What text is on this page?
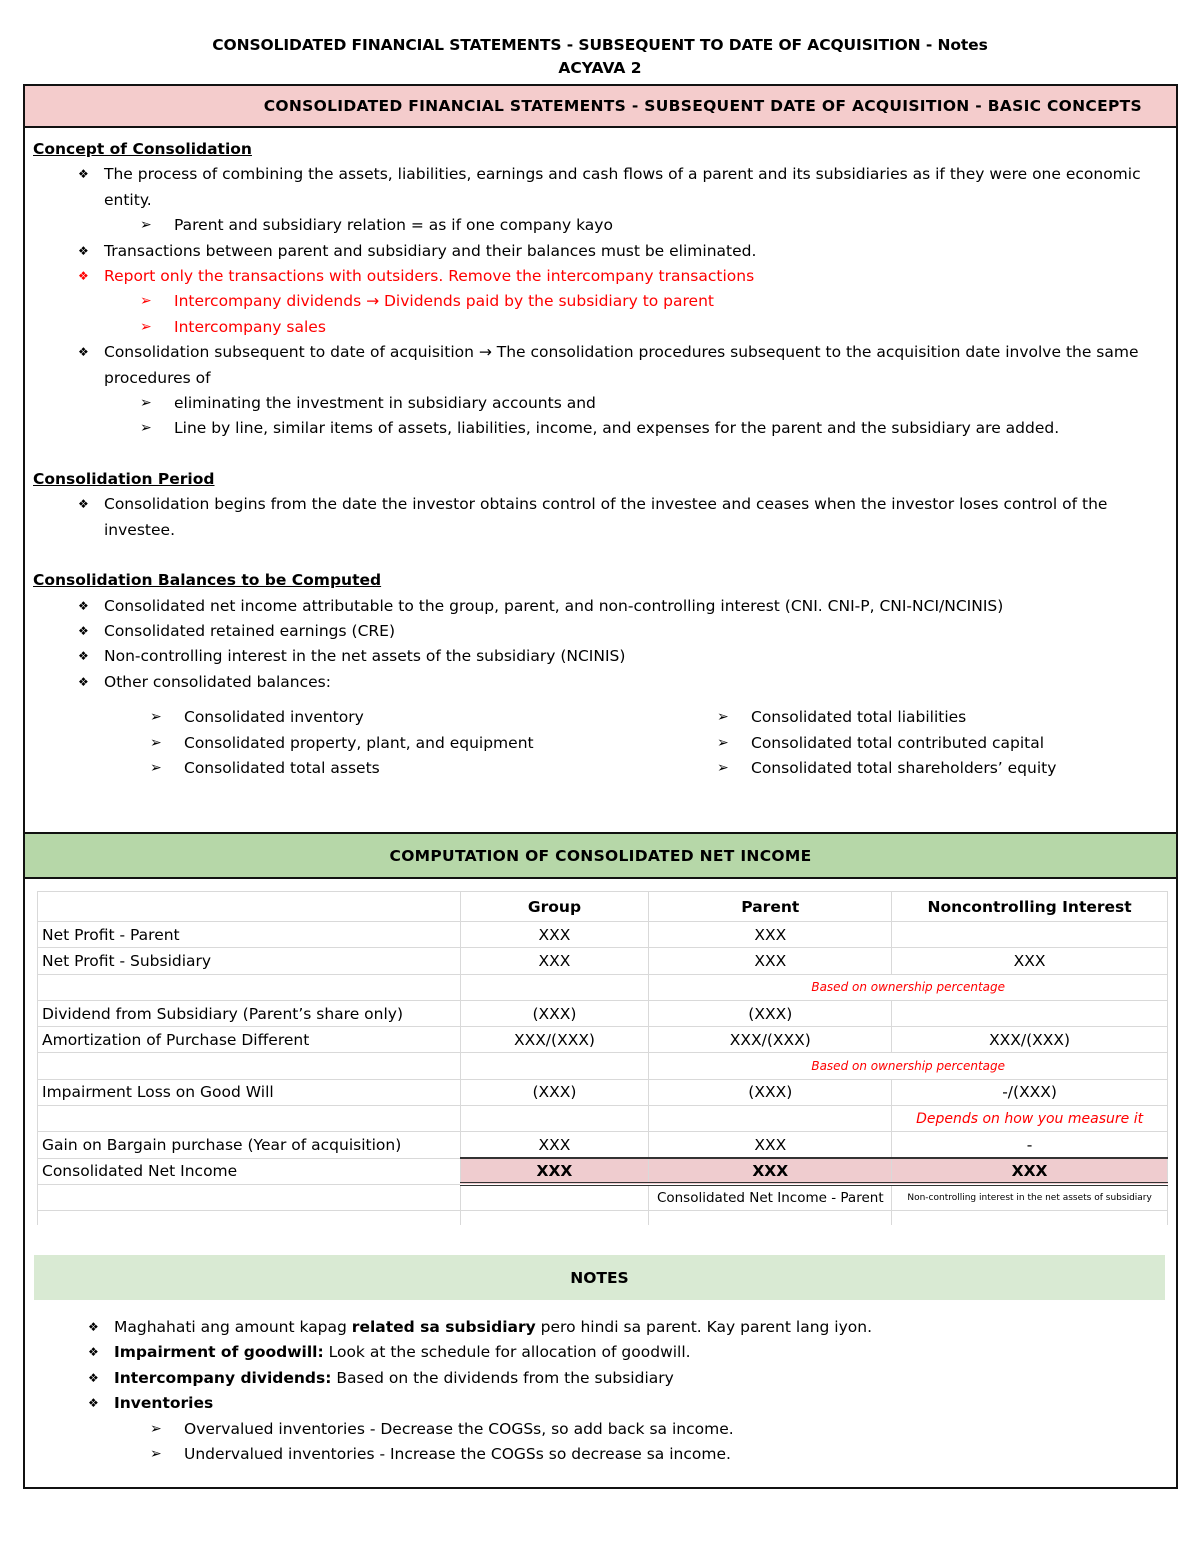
CONSOLIDATED FINANCIAL STATEMENTS - SUBSEQUENT TO DATE OF ACQUISITION - Notes
ACYAVA 2
CONSOLIDATED FINANCIAL STATEMENTS - SUBSEQUENT DATE OF ACQUISITION - BASIC CONCEPTS
Concept of Consolidation
❖ The process of combining the assets, liabilities, earnings and cash flows of a parent and its subsidiaries as if they were one economic entity.
➢ Parent and subsidiary relation = as if one company kayo
❖ Transactions between parent and subsidiary and their balances must be eliminated.
❖ Report only the transactions with outsiders. Remove the intercompany transactions
➢ Intercompany dividends → Dividends paid by the subsidiary to parent
➢ Intercompany sales
❖ Consolidation subsequent to date of acquisition → The consolidation procedures subsequent to the acquisition date involve the same procedures of
➢ eliminating the investment in subsidiary accounts and
➢ Line by line, similar items of assets, liabilities, income, and expenses for the parent and the subsidiary are added.
Consolidation Period
❖ Consolidation begins from the date the investor obtains control of the investee and ceases when the investor loses control of the investee.
Consolidation Balances to be Computed
❖ Consolidated net income attributable to the group, parent, and non-controlling interest (CNI. CNI-P, CNI-NCI/NCINIS)
❖ Consolidated retained earnings (CRE)
❖ Non-controlling interest in the net assets of the subsidiary (NCINIS)
❖ Other consolidated balances:
➢ Consolidated inventory
➢ Consolidated property, plant, and equipment
➢ Consolidated total assets
➢ Consolidated total liabilities
➢ Consolidated total contributed capital
➢ Consolidated total shareholders’ equity
COMPUTATION OF CONSOLIDATED NET INCOME
	Group	Parent	Noncontrolling Interest
Net Profit - Parent	XXX	XXX	
Net Profit - Subsidiary	XXX	XXX	XXX
		Based on ownership percentage	
Dividend from Subsidiary (Parent’s share only)	(XXX)	(XXX)	
Amortization of Purchase Different	XXX/(XXX)	XXX/(XXX)	XXX/(XXX)
		Based on ownership percentage	
Impairment Loss on Good Will	(XXX)	(XXX)	-/(XXX)
			Depends on how you measure it
Gain on Bargain purchase (Year of acquisition)	XXX	XXX	-
Consolidated Net Income	XXX	XXX	XXX
		Consolidated Net Income - Parent	Non-controlling interest in the net assets of subsidiary

NOTES
❖ Maghahati ang amount kapag related sa subsidiary pero hindi sa parent. Kay parent lang iyon.
❖ Impairment of goodwill: Look at the schedule for allocation of goodwill.
❖ Intercompany dividends: Based on the dividends from the subsidiary
❖ Inventories
➢ Overvalued inventories - Decrease the COGSs, so add back sa income.
➢ Undervalued inventories - Increase the COGSs so decrease sa income.
